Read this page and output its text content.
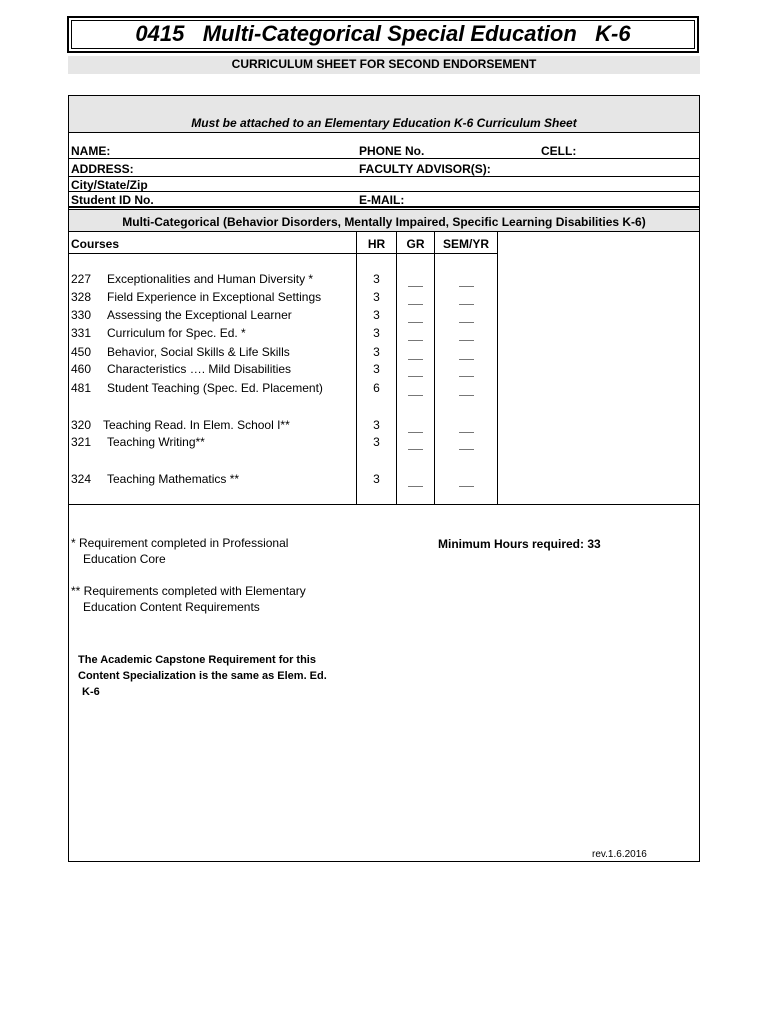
0415   Multi-Categorical Special Education   K-6
CURRICULUM SHEET FOR SECOND ENDORSEMENT
Must be attached to an Elementary Education K-6 Curriculum Sheet
NAME:	PHONE No.	CELL:
ADDRESS:	FACULTY ADVISOR(S):
City/State/Zip
Student ID No.	E-MAIL:
Multi-Categorical (Behavior Disorders, Mentally Impaired, Specific Learning Disabilities K-6)
Courses	HR	GR	SEM/YR
227 Exceptionalities and Human Diversity *	3
328 Field Experience in Exceptional Settings	3
330 Assessing the Exceptional Learner	3
331 Curriculum for Spec. Ed. *	3
450 Behavior, Social Skills & Life Skills	3
460 Characteristics …. Mild Disabilities	3
481 Student Teaching (Spec. Ed. Placement)	6
320 Teaching Read. In Elem. School I**	3
321 Teaching Writing**	3
324 Teaching Mathematics **	3
* Requirement completed in Professional
Education Core
** Requirements completed with Elementary
Education Content Requirements
Minimum Hours required: 33
The Academic Capstone Requirement for this
Content Specialization is the same as Elem. Ed.
K-6
rev.1.6.2016
